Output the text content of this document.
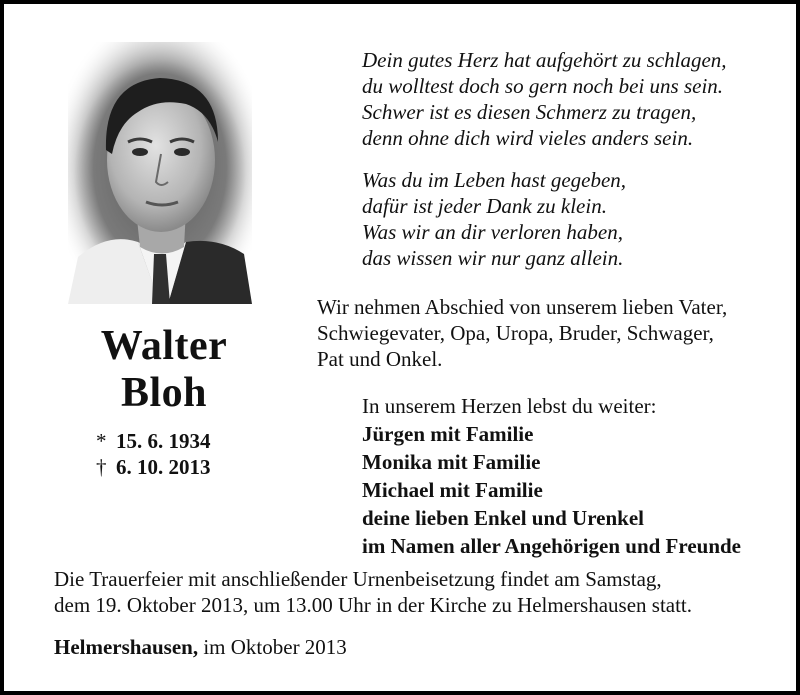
Walter
Bloh
* 15. 6. 1934
† 6. 10. 2013
Dein gutes Herz hat aufgehört zu schlagen,
du wolltest doch so gern noch bei uns sein.
Schwer ist es diesen Schmerz zu tragen,
denn ohne dich wird vieles anders sein.
Was du im Leben hast gegeben,
dafür ist jeder Dank zu klein.
Was wir an dir verloren haben,
das wissen wir nur ganz allein.
Wir nehmen Abschied von unserem lieben Vater,
Schwiegevater, Opa, Uropa, Bruder, Schwager,
Pat und Onkel.
In unserem Herzen lebst du weiter:
Jürgen mit Familie
Monika mit Familie
Michael mit Familie
deine lieben Enkel und Urenkel
im Namen aller Angehörigen und Freunde
Die Trauerfeier mit anschließender Urnenbeisetzung findet am Samstag,
dem 19. Oktober 2013, um 13.00 Uhr in der Kirche zu Helmershausen statt.
Helmershausen, im Oktober 2013
